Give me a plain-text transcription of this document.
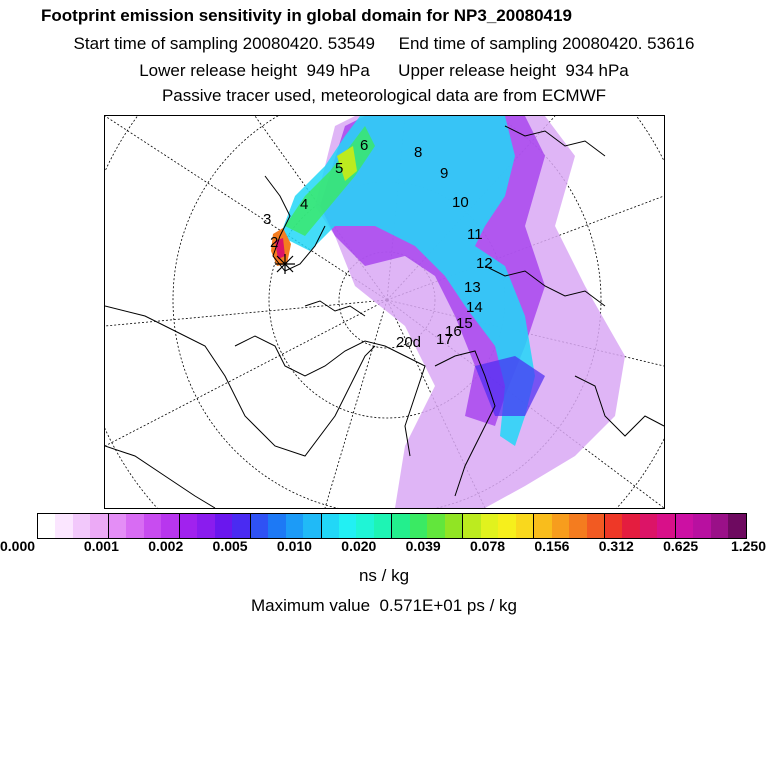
Footprint emission sensitivity in global domain for NP3_20080419
Start time of sampling 20080420. 53549     End time of sampling 20080420. 53616
Lower release height  949 hPa      Upper release height  934 hPa
Passive tracer used, meteorological data are from ECMWF
2
3
4
5
6	8
9
10
11
12
13
14
15
16
17
20d
0.000	0.001 0.002 0.005 0.010 0.020 0.039 0.078 0.156 0.312 0.625 1.250
ns / kg
Maximum value  0.571E+01 ps / kg
